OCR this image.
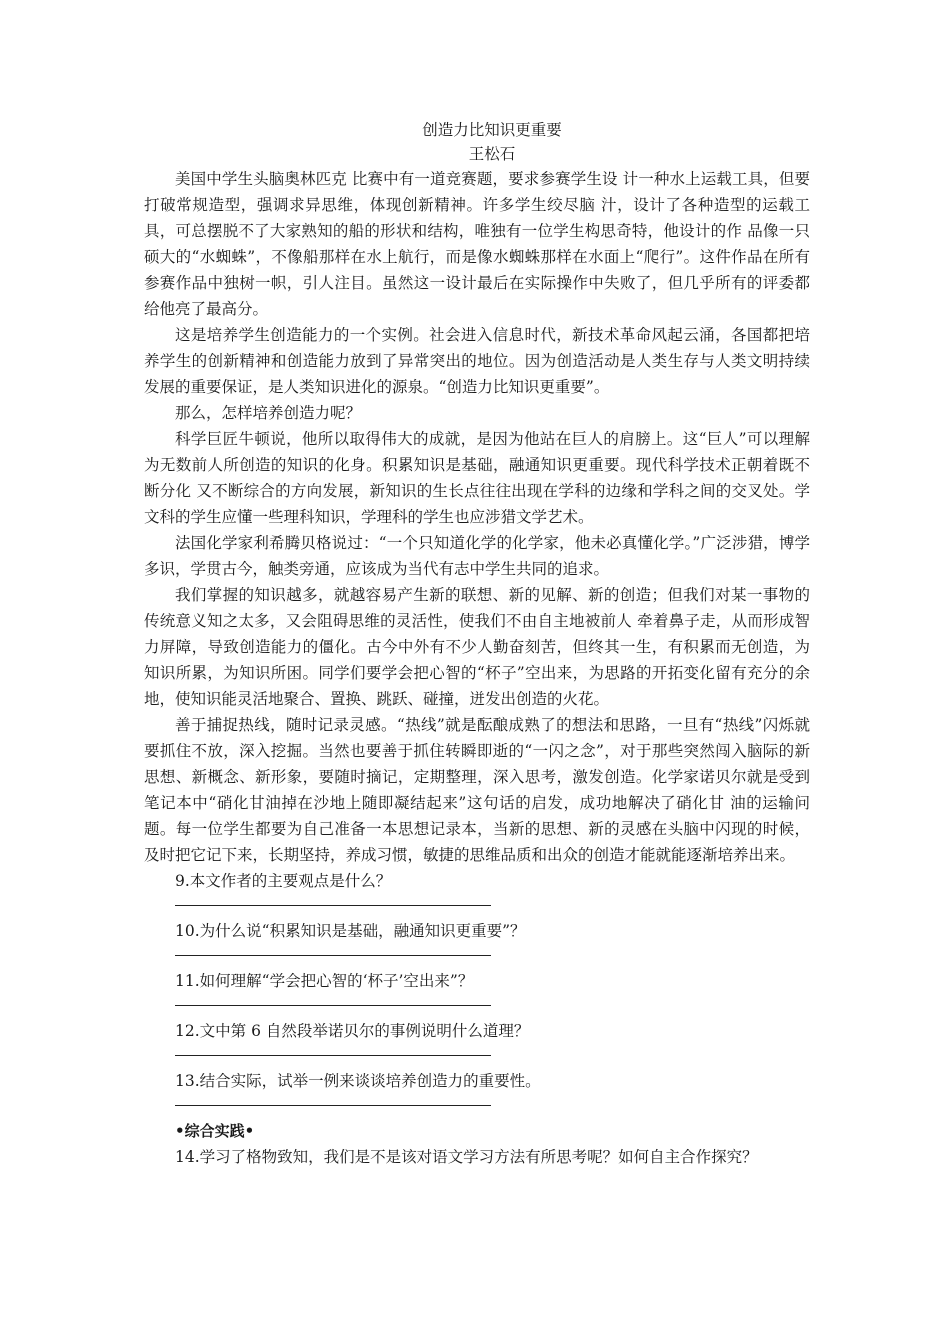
创造力比知识更重要
王松石

美国中学生头脑奥林匹克 比赛中有一道竞赛题，要求参赛学生设 计一种水上运载工具，但要打破常规造型，强调求异思维，体现创新精神。许多学生绞尽脑 汁，设计了各种造型的运载工具，可总摆脱不了大家熟知的船的形状和结构，唯独有一位学生构思奇特，他设计的作 品像一只硕大的“水蜘蛛”，不像船那样在水上航行，而是像水蜘蛛那样在水面上“爬行”。这件作品在所有参赛作品中独树一帜，引人注目。虽然这一设计最后在实际操作中失败了，但几乎所有的评委都给他亮了最高分。

这是培养学生创造能力的一个实例。社会进入信息时代，新技术革命风起云涌，各国都把培养学生的创新精神和创造能力放到了异常突出的地位。因为创造活动是人类生存与人类文明持续发展的重要保证，是人类知识进化的源泉。“创造力比知识更重要”。

那么，怎样培养创造力呢？

科学巨匠牛顿说，他所以取得伟大的成就，是因为他站在巨人的肩膀上。这“巨人”可以理解为无数前人所创造的知识的化身。积累知识是基础，融通知识更重要。现代科学技术正朝着既不断分化 又不断综合的方向发展，新知识的生长点往往出现在学科的边缘和学科之间的交叉处。学文科的学生应懂一些理科知识，学理科的学生也应涉猎文学艺术。

法国化学家利希腾贝格说过：“一个只知道化学的化学家，他未必真懂化学。”广泛涉猎，博学多识，学贯古今，触类旁通，应该成为当代有志中学生共同的追求。

我们掌握的知识越多，就越容易产生新的联想、新的见解、新的创造；但我们对某一事物的传统意义知之太多，又会阻碍思维的灵活性，使我们不由自主地被前人 牵着鼻子走，从而形成智力屏障，导致创造能力的僵化。古今中外有不少人勤奋刻苦，但终其一生，有积累而无创造，为知识所累，为知识所困。同学们要学会把心智的“杯子”空出来，为思路的开拓变化留有充分的余地，使知识能灵活地聚合、置换、跳跃、碰撞，迸发出创造的火花。

善于捕捉热线，随时记录灵感。“热线”就是酝酿成熟了的想法和思路，一旦有“热线”闪烁就要抓住不放，深入挖掘。当然也要善于抓住转瞬即逝的“一闪之念”，对于那些突然闯入脑际的新思想、新概念、新形象，要随时摘记，定期整理，深入思考，激发创造。化学家诺贝尔就是受到笔记本中“硝化甘油掉在沙地上随即凝结起来”这句话的启发，成功地解决了硝化甘 油的运输问题。每一位学生都要为自己准备一本思想记录本，当新的思想、新的灵感在头脑中闪现的时候，及时把它记下来，长期坚持，养成习惯，敏捷的思维品质和出众的创造才能就能逐渐培养出来。

9.本文作者的主要观点是什么？

10.为什么说“积累知识是基础，融通知识更重要”？

11.如何理解“学会把心智的‘杯子’空出来”？

12.文中第 6 自然段举诺贝尔的事例说明什么道理？

13.结合实际，试举一例来谈谈培养创造力的重要性。

•综合实践•

14.学习了格物致知，我们是不是该对语文学习方法有所思考呢？如何自主合作探究？
